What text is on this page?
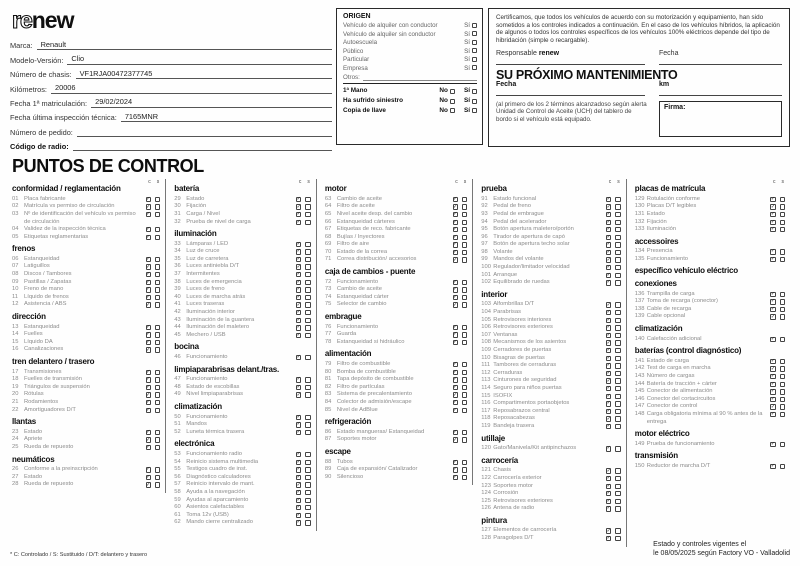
renew
Marca:	Renault
Modelo-Versión:	Clio
Número de chasis:	VF1RJA00472377745
Kilómetros:	20006
Fecha 1ª matriculación:	29/02/2024
Fecha última inspección técnica:	7165MNR
Número de pedido:
Código de radio:
ORIGEN
Vehículo de alquiler con conductor	Sí
Vehículo de alquiler sin conductor	Sí
Autoescuela	Sí
Público	Sí
Particular	Sí
Empresa	Sí
Otros:
1ª Mano	No	Sí
Ha sufrido siniestro	No	Sí
Copia de llave	No	Sí
Certificamos, que todos los vehículos de acuerdo con su motorización y equipamiento, han sido sometidos a los controles indicados a continuación. En el caso de los vehículos híbridos, la aplicación de algunos o todos los controles específicos de los vehículos 100% eléctricos depende del tipo de hibridación (simple o recargable).
Responsable renew	Fecha
SU PRÓXIMO MANTENIMIENTO
Fecha	km
(al primero de los 2 términos alcanzadoso según alerta Unidad de Control de Aceite (UCH) del tablero de bordo si el vehículo está equipado.
Firma:
PUNTOS DE CONTROL
c s
conformidad / reglamentación
01 Placa fabricante	✓
02 Matrícula vs permiso de circulación	✓
03 Nº de identificación del vehículo vs permiso de circulación
✓
04 Validez de la inspección técnica	✓
05 Etiquetas reglamentarias	✓
frenos
06 Estanqueidad	✓
07 Latiguillos	✓
08 Discos / Tambores	✓
09 Pastillas / Zapatas	✓
10 Freno de mano	✓
11	Líquido de frenos	✓
12 Asistencia / ABS	✓
dirección
13 Estanqueidad	✓
14 Fuelles	✓
15 Líquido DA	✓
16 Canalizaciones	✓
tren delantero / trasero
17 Transmisiones	✓
18 Fuelles de transmisión	✓
19 Triángulos de suspensión	✓
20 Rótulas	✓
21 Rodamientos	✓
22 Amortiguadores D/T	✓
llantas
23 Estado	✓
24 Apriete	✓
25 Rueda de repuesto	✓
neumáticos
26 Conforme a la preinscripción	✓
27 Estado	✓
28 Rueda de repuesto	✓
c s
batería
29 Estado	✓
30 Fijación	✓
31 Carga / Nivel	✓
32 Prueba de nivel de carga	✓
iluminación
33 Lámparas / LED	✓
34 Luz de cruce	✓
35 Luz de carretera	✓
36 Luces antiniebla D/T	✓
37 Intermitentes	✓
38 Luces de emergencia	✓
39 Luces de freno	✓
40 Luces de marcha atrás	✓
41 Luces traseras	✓
42 Iluminación interior	✓
43 Iluminación de la guantera	✓
44 Iluminación del maletero	✓
45 Mechero / USB	✓
bocina
46 Funcionamiento	✓
limpiaparabrisas delant./tras.
47 Funcionamiento	✓
48 Estado de escobillas	✓
49 Nivel limpiaparabrisas	✓
climatización
50 Funcionamiento	✓
51 Mandos	✓
52 Luneta térmica trasera	✓
electrónica
53 Funcionamiento radio	✓
54 Reinicio sistema multimedia	✓
55 Testigos cuadro de inst.	✓
56 Diagnóstico calculadores	✓
57 Reinicio intervalo de mant.	✓
58 Ayuda a la navegación	✓
59 Ayudas al aparcamiento	✓
60 Asientos calefactables	✓
61 Toma 12v (USB)	✓
62 Mando cierre centralizado	✓
c s
motor
63 Cambio de aceite	✓
64 Filtro de aceite	✓
65 Nivel aceite desp. del cambio	✓
66 Estanqueidad cárteres	✓
67 Etiquetas de reco. fabricante	✓
68 Bujías / Inyectores	✓
69 Filtro de aire	✓
70 Estado de la correa	✓
71 Correa distribución/ accesorios	✓
caja de cambios - puente
72 Funcionamiento	✓
73 Cambio de aceite	✓
74 Estanqueidad cárter	✓
75 Selector de cambio	✓
embrague
76 Funcionamiento	✓
77 Guarda	✓
78 Estanqueidad si hidráulico	✓
alimentación
79 Filtro de combustible	✓
80 Bomba de combustible	✓
81 Tapa depósito de combustible	✓
82 Filtro de partículas	✓
83 Sistema de precalentamiento	✓
84 Colector de admisión/escape	✓
85 Nivel de AdBlue	✓
refrigeración
86 Estado mangueras/ Estanqueidad	✓
87 Soportes motor	✓
escape
88 Tubos	✓
89 Caja de expansión/ Catalizador	✓
90 Silencioso	✓
c s
prueba
91 Estado funcional	✓
92 Pedal de freno	✓
93 Pedal de embrague	✓
94 Pedal del acelerador	✓
95 Botón apertura maletero/portón	✓
96 Tirador de apertura de capó	✓
97 Botón de apertura techo solar	✓
98 Volante	✓
99 Mandos del volante	✓
100 Regulador/limitador velocidad	✓
101 Arranque	✓
102 Equilibrado de ruedas	✓
interior
103 Alfombrillas D/T	✓
104 Parabrisas	✓
105 Retrovisores interiores	✓
106 Retrovisores exteriores	✓
107 Ventanas	✓
108 Mecanismos de los asientos	✓
109 Cerradores de puertas	✓
110 Bisagras de puertas	✓
111 Tambores de cerraduras	✓
112 Cerraduras	✓
113 Cinturones de seguridad	✓
114 Seguro para niños puertas	✓
115 ISOFIX	✓
116 Compartimentos portaobjetos	✓
117 Reposabrazos central	✓
118 Reposacabezas	✓
119 Bandeja trasera	✓
utillaje
120 Gato/Manivela/Kit antipinchazos	✓
carrocería
121 Chasis	✓
122 Carrocería exterior	✓
123 Soportes motor	✓
124 Corrosión	✓
125 Retrovisores exteriores	✓
126 Antena de radio	✓
pintura
127 Elementos de carrocería	✓
128 Paragolpes D/T	✓
c s
placas de matrícula
129 Rotulación conforme	✓
130 Placas D/T legibles	✓
131 Estado	✓
132 Fijación	✓
133 Iluminación	✓
accessoires
134 Presencia	✓
135 Funcionamiento	✓
específico vehículo eléctrico
conexiones
136 Trampilla de carga	✓
137 Toma de recarga (conector)	✓
138 Cable de recarga	✓
139 Cable opcional	✓
climatización
140 Calefacción adicional	✓
baterías (control diagnóstico)
141 Estado de carga	✓
142 Test de carga en marcha	✓
143 Número de cargas	✓
144 Batería de tracción + cárter	✓
145 Conector de alimentación	✓
146 Conector del cortacircuitos	✓
147 Conector de control	✓
148 Carga obligatoria mínima al 90 % antes de la entrega
✓
motor eléctrico
149 Prueba de funcionamiento	✓
transmisión
150 Reductor de marcha D/T	✓
* C: Controlado / S: Sustituido / D/T: delantero y trasero
Estado y controles vigentes el
le 08/05/2025 según Factory VO - Valladolid
